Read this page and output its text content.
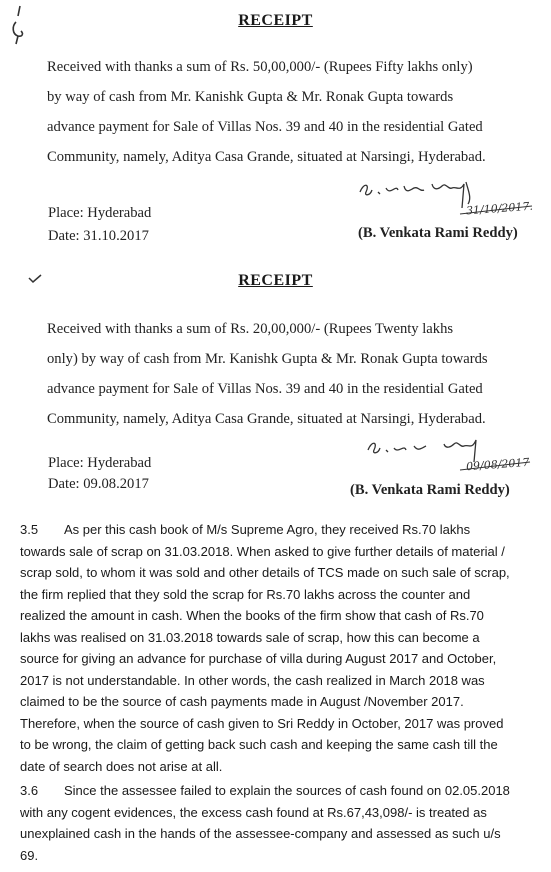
RECEIPT
Received with thanks a sum of Rs. 50,00,000/- (Rupees Fifty lakhs only)
by way of cash from Mr. Kanishk Gupta & Mr. Ronak Gupta towards
advance payment for Sale of Villas Nos. 39 and 40 in the residential Gated
Community, namely, Aditya Casa Grande, situated at Narsingi, Hyderabad.
31/10/2017.
Place: Hyderabad
Date: 31.10.2017	(B. Venkata Rami Reddy)
RECEIPT
Received with thanks a sum of Rs. 20,00,000/- (Rupees Twenty lakhs
only) by way of cash from Mr. Kanishk Gupta & Mr. Ronak Gupta towards
advance payment for Sale of Villas Nos. 39 and 40 in the residential Gated
Community, namely, Aditya Casa Grande, situated at Narsingi, Hyderabad.
09/08/2017
Place: Hyderabad
Date: 09.08.2017	(B. Venkata Rami Reddy)
3.5 As per this cash book of M/s Supreme Agro, they received Rs.70 lakhs
towards sale of scrap on 31.03.2018. When asked to give further details of material /
scrap sold, to whom it was sold and other details of TCS made on such sale of scrap,
the firm replied that they sold the scrap for Rs.70 lakhs across the counter and
realized the amount in cash. When the books of the firm show that cash of Rs.70
lakhs was realised on 31.03.2018 towards sale of scrap, how this can become a
source for giving an advance for purchase of villa during August 2017 and October,
2017 is not understandable. In other words, the cash realized in March 2018 was
claimed to be the source of cash payments made in August /November 2017.
Therefore, when the source of cash given to Sri Reddy in October, 2017 was proved
to be wrong, the claim of getting back such cash and keeping the same cash till the
date of search does not arise at all.
3.6 Since the assessee failed to explain the sources of cash found on 02.05.2018
with any cogent evidences, the excess cash found at Rs.67,43,098/- is treated as
unexplained cash in the hands of the assessee-company and assessed as such u/s
69.
